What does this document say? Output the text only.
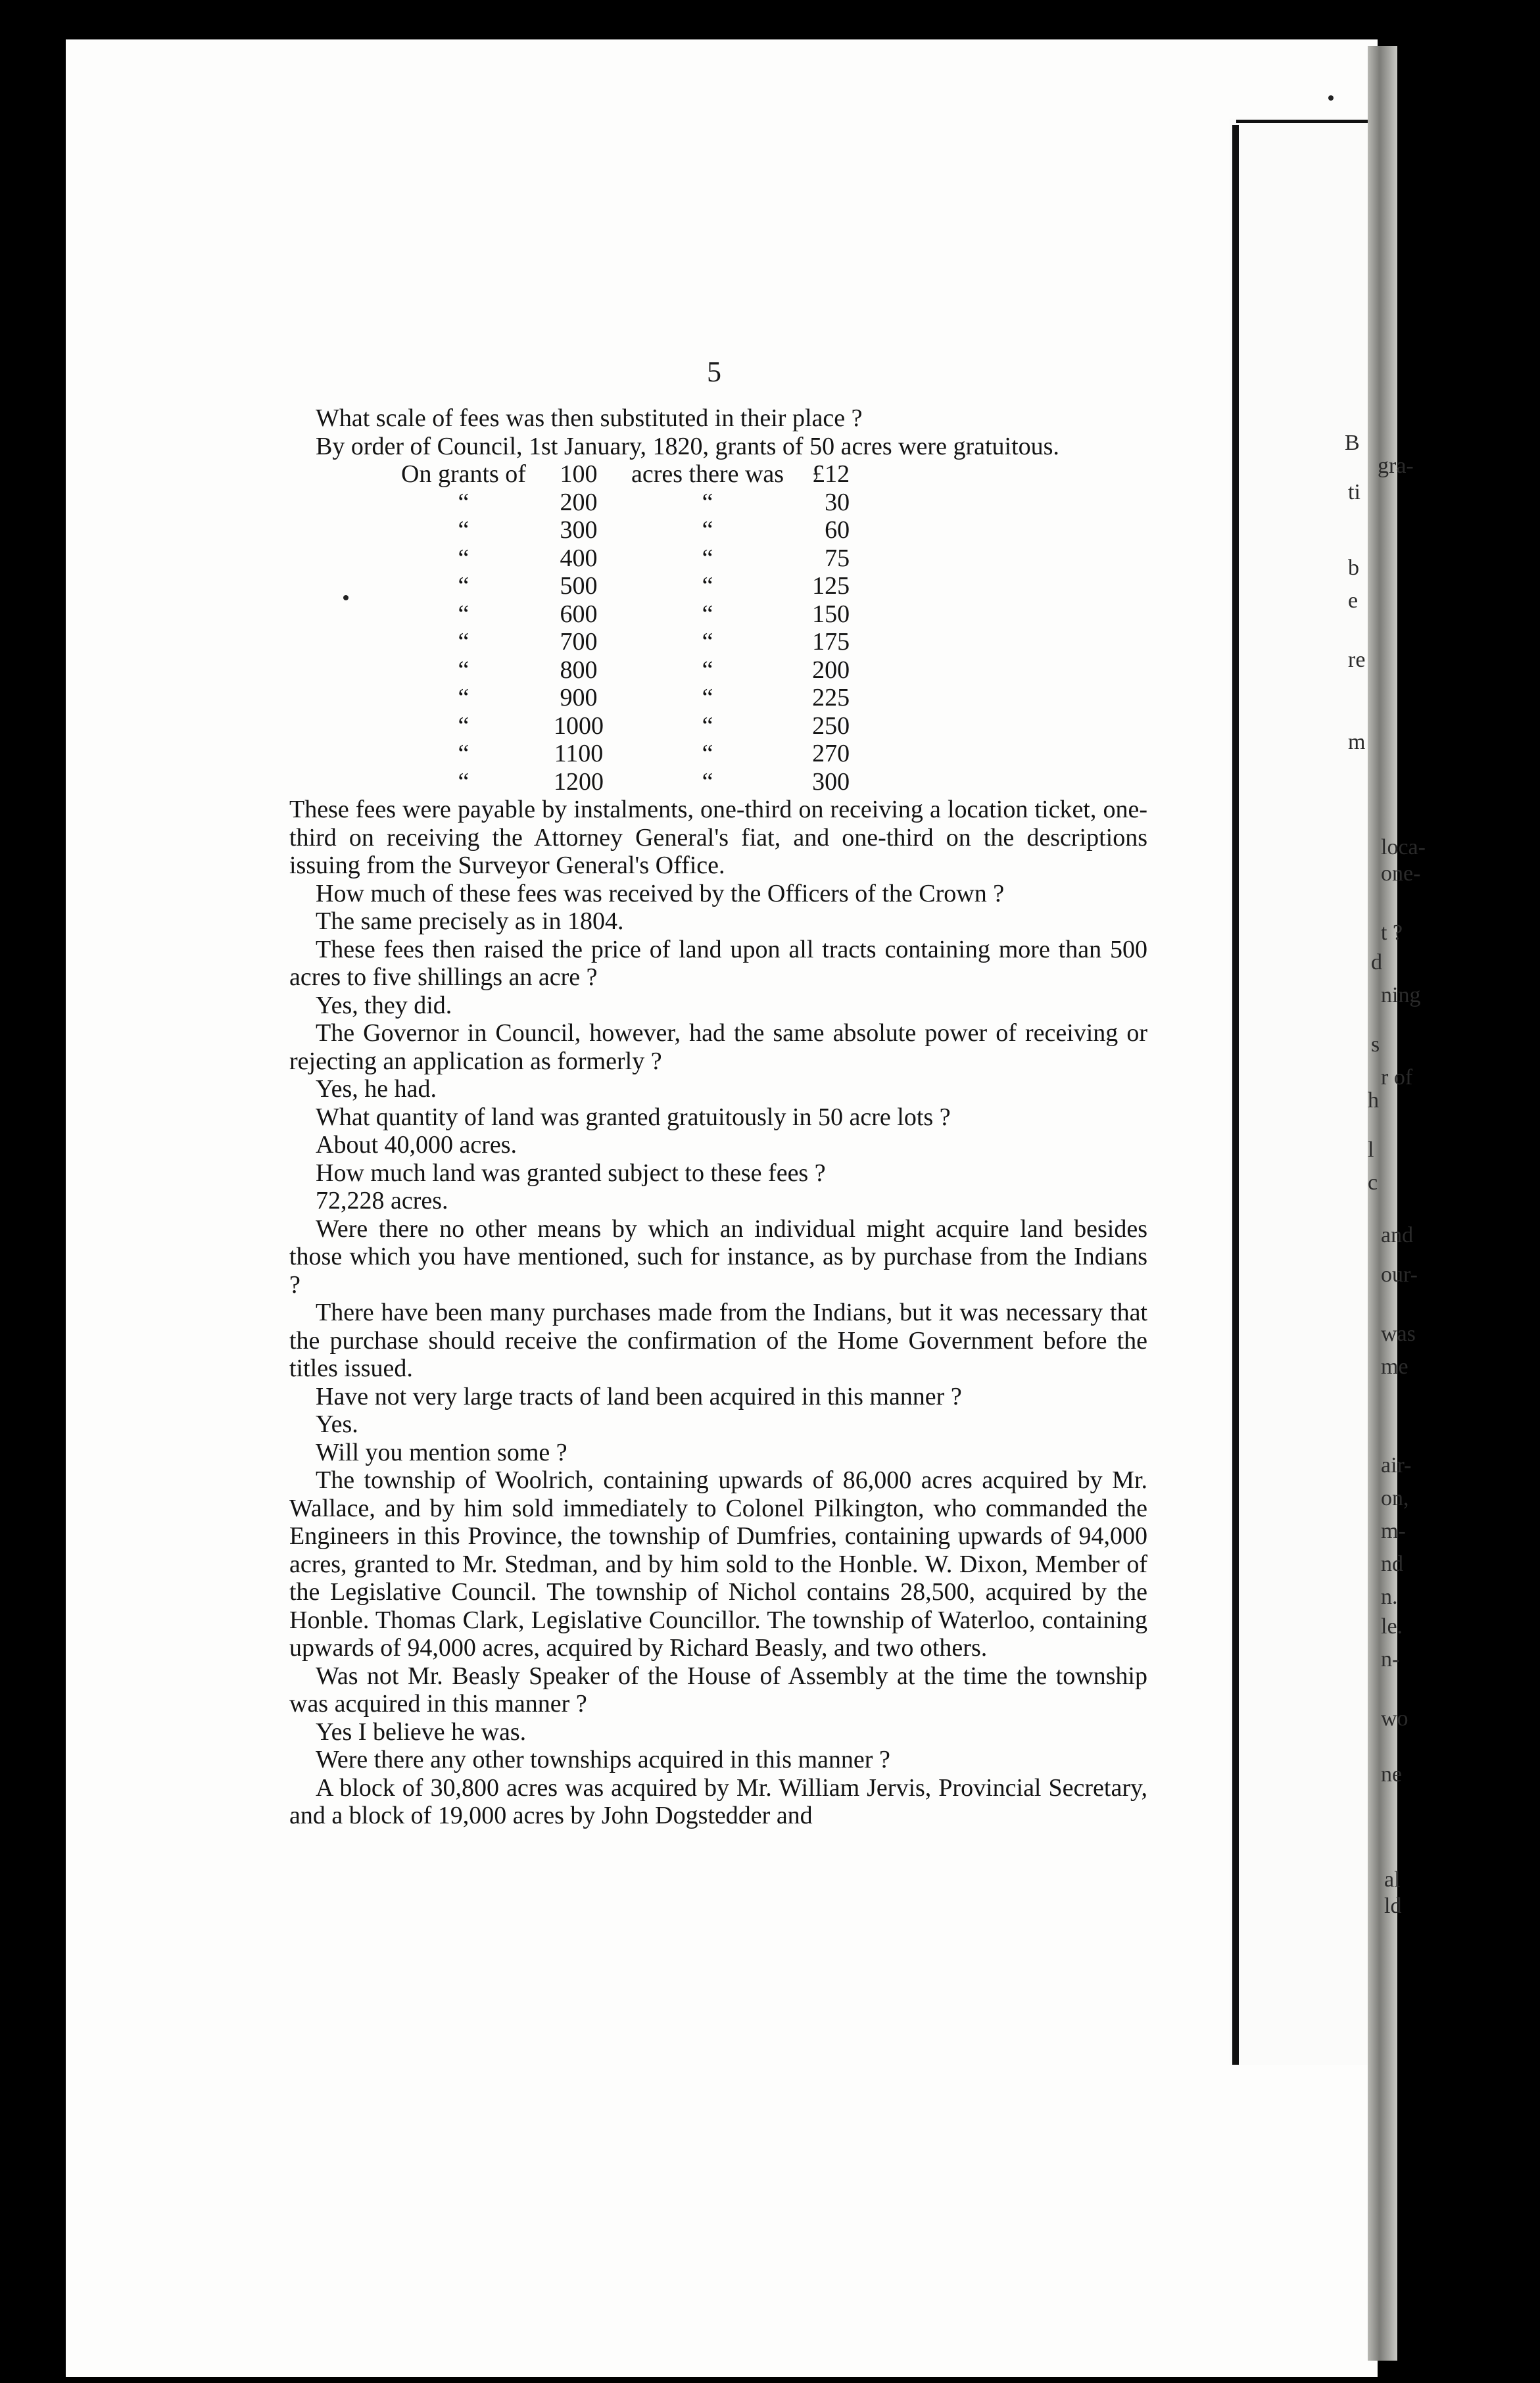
5

What scale of fees was then substituted in their place ?

By order of Council, 1st January, 1820, grants of 50 acres were gratuitous.

On grants of	100	acres there was	£12
“	200	“	30
“	300	“	60
“	400	“	75
“	500	“	125
“	600	“	150
“	700	“	175
“	800	“	200
“	900	“	225
“	1000	“	250
“	1100	“	270
“	1200	“	300

These fees were payable by instalments, one-third on receiving a location ticket, one-third on receiving the Attorney General's fiat, and one-third on the descriptions issuing from the Surveyor General's Office.

How much of these fees was received by the Officers of the Crown ?

The same precisely as in 1804.

These fees then raised the price of land upon all tracts containing more than 500 acres to five shillings an acre ?

Yes, they did.

The Governor in Council, however, had the same absolute power of receiving or rejecting an application as formerly ?

Yes, he had.

What quantity of land was granted gratuitously in 50 acre lots ?

About 40,000 acres.

How much land was granted subject to these fees ?

72,228 acres.

Were there no other means by which an individual might acquire land besides those which you have mentioned, such for instance, as by purchase from the Indians ?

There have been many purchases made from the Indians, but it was necessary that the purchase should receive the confirmation of the Home Government before the titles issued.

Have not very large tracts of land been acquired in this manner ?

Yes.

Will you mention some ?

The township of Woolrich, containing upwards of 86,000 acres acquired by Mr. Wallace, and by him sold immediately to Colonel Pilkington, who commanded the Engineers in this Province, the township of Dumfries, containing upwards of 94,000 acres, granted to Mr. Stedman, and by him sold to the Honble. W. Dixon, Member of the Legislative Council. The township of Nichol contains 28,500, acquired by the Honble. Thomas Clark, Legislative Councillor. The township of Waterloo, containing upwards of 94,000 acres, acquired by Richard Beasly, and two others.

Was not Mr. Beasly Speaker of the House of Assembly at the time the township was acquired in this manner ?

Yes I believe he was.

Were there any other townships acquired in this manner ?

A block of 30,800 acres was acquired by Mr. William Jervis, Provincial Secretary, and a block of 19,000 acres by John Dogstedder and

B
gra-
ti
b
e
re
m
loca-
one-
t ?
d
ning
s
r of
h
l
c
and
our-
was
me
air-
on,
m-
nd
n.
le.
n-
wo
ne
al
ld
